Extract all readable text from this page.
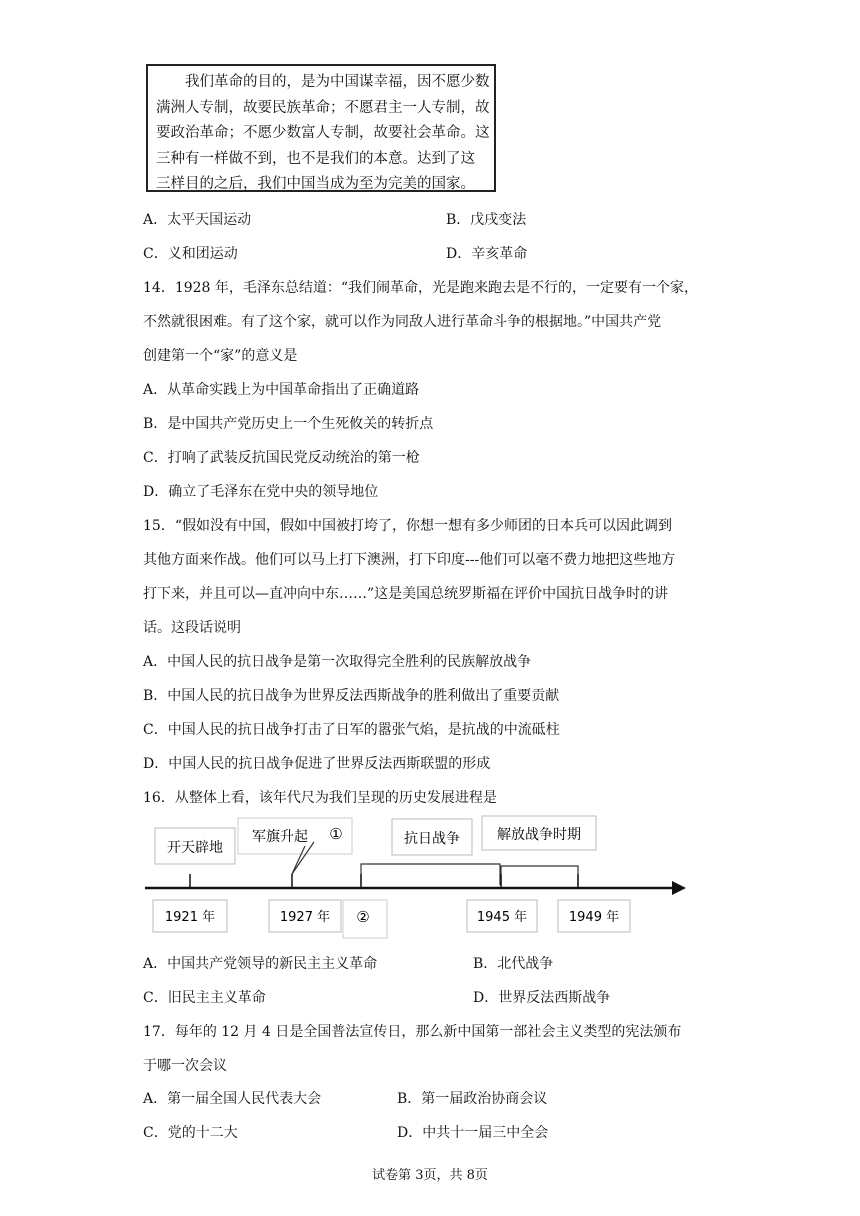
　　我们革命的目的，是为中国谋幸福，因不愿少数
满洲人专制，故要民族革命；不愿君主一人专制，故
要政治革命；不愿少数富人专制，故要社会革命。这
三种有一样做不到，也不是我们的本意。达到了这
三样目的之后，我们中国当成为至为完美的国家。
A．太平天国运动	B．戊戌变法
C．义和团运动	D．辛亥革命
14．1928 年，毛泽东总结道：“我们闹革命，光是跑来跑去是不行的，一定要有一个家，
不然就很困难。有了这个家，就可以作为同敌人进行革命斗争的根据地。”中国共产党
创建第一个“家”的意义是
A．从革命实践上为中国革命指出了正确道路
B．是中国共产党历史上一个生死攸关的转折点
C．打响了武装反抗国民党反动统治的第一枪
D．确立了毛泽东在党中央的领导地位
15．“假如没有中国，假如中国被打垮了，你想一想有多少师团的日本兵可以因此调到
其他方面来作战。他们可以马上打下澳洲，打下印度---他们可以毫不费力地把这些地方
打下来，并且可以—直冲向中东……”这是美国总统罗斯福在评价中国抗日战争时的讲
话。这段话说明
A．中国人民的抗日战争是第一次取得完全胜利的民族解放战争
B．中国人民的抗日战争为世界反法西斯战争的胜利做出了重要贡献
C．中国人民的抗日战争打击了日军的嚣张气焰，是抗战的中流砥柱
D．中国人民的抗日战争促进了世界反法西斯联盟的形成
16．从整体上看，该年代尺为我们呈现的历史发展进程是
开天辟地
军旗升起 ①	抗日战争	解放战争时期
1921 年	1927 年 ②	1945 年	1949 年
A．中国共产党领导的新民主主义革命	B．北代战争
C．旧民主主义革命	D．世界反法西斯战争
17．每年的 12 月 4 日是全国普法宣传日，那么新中国第一部社会主义类型的宪法颁布
于哪一次会议
A．第一届全国人民代表大会	B．第一届政治协商会议
C．党的十二大	D．中共十一届三中全会
试卷第 3页，共 8页
